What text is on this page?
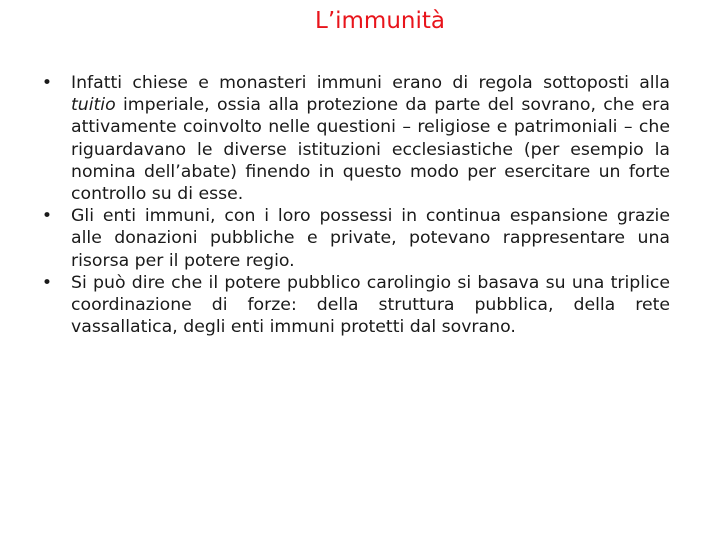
L’immunità
• Infatti chiese e monasteri immuni erano di regola sottoposti alla tuitio imperiale, ossia alla protezione da parte del sovrano, che era attivamente coinvolto nelle questioni – religiose e patrimoniali – che riguardavano le diverse istituzioni ecclesiastiche (per esempio la nomina dell’abate) finendo in questo modo per esercitare un forte controllo su di esse.
• Gli enti immuni, con i loro possessi in continua espansione grazie alle donazioni pubbliche e private, potevano rappresentare una risorsa per il potere regio.
• Si può dire che il potere pubblico carolingio si basava su una triplice coordinazione di forze: della struttura pubblica, della rete vassallatica, degli enti immuni protetti dal sovrano.
